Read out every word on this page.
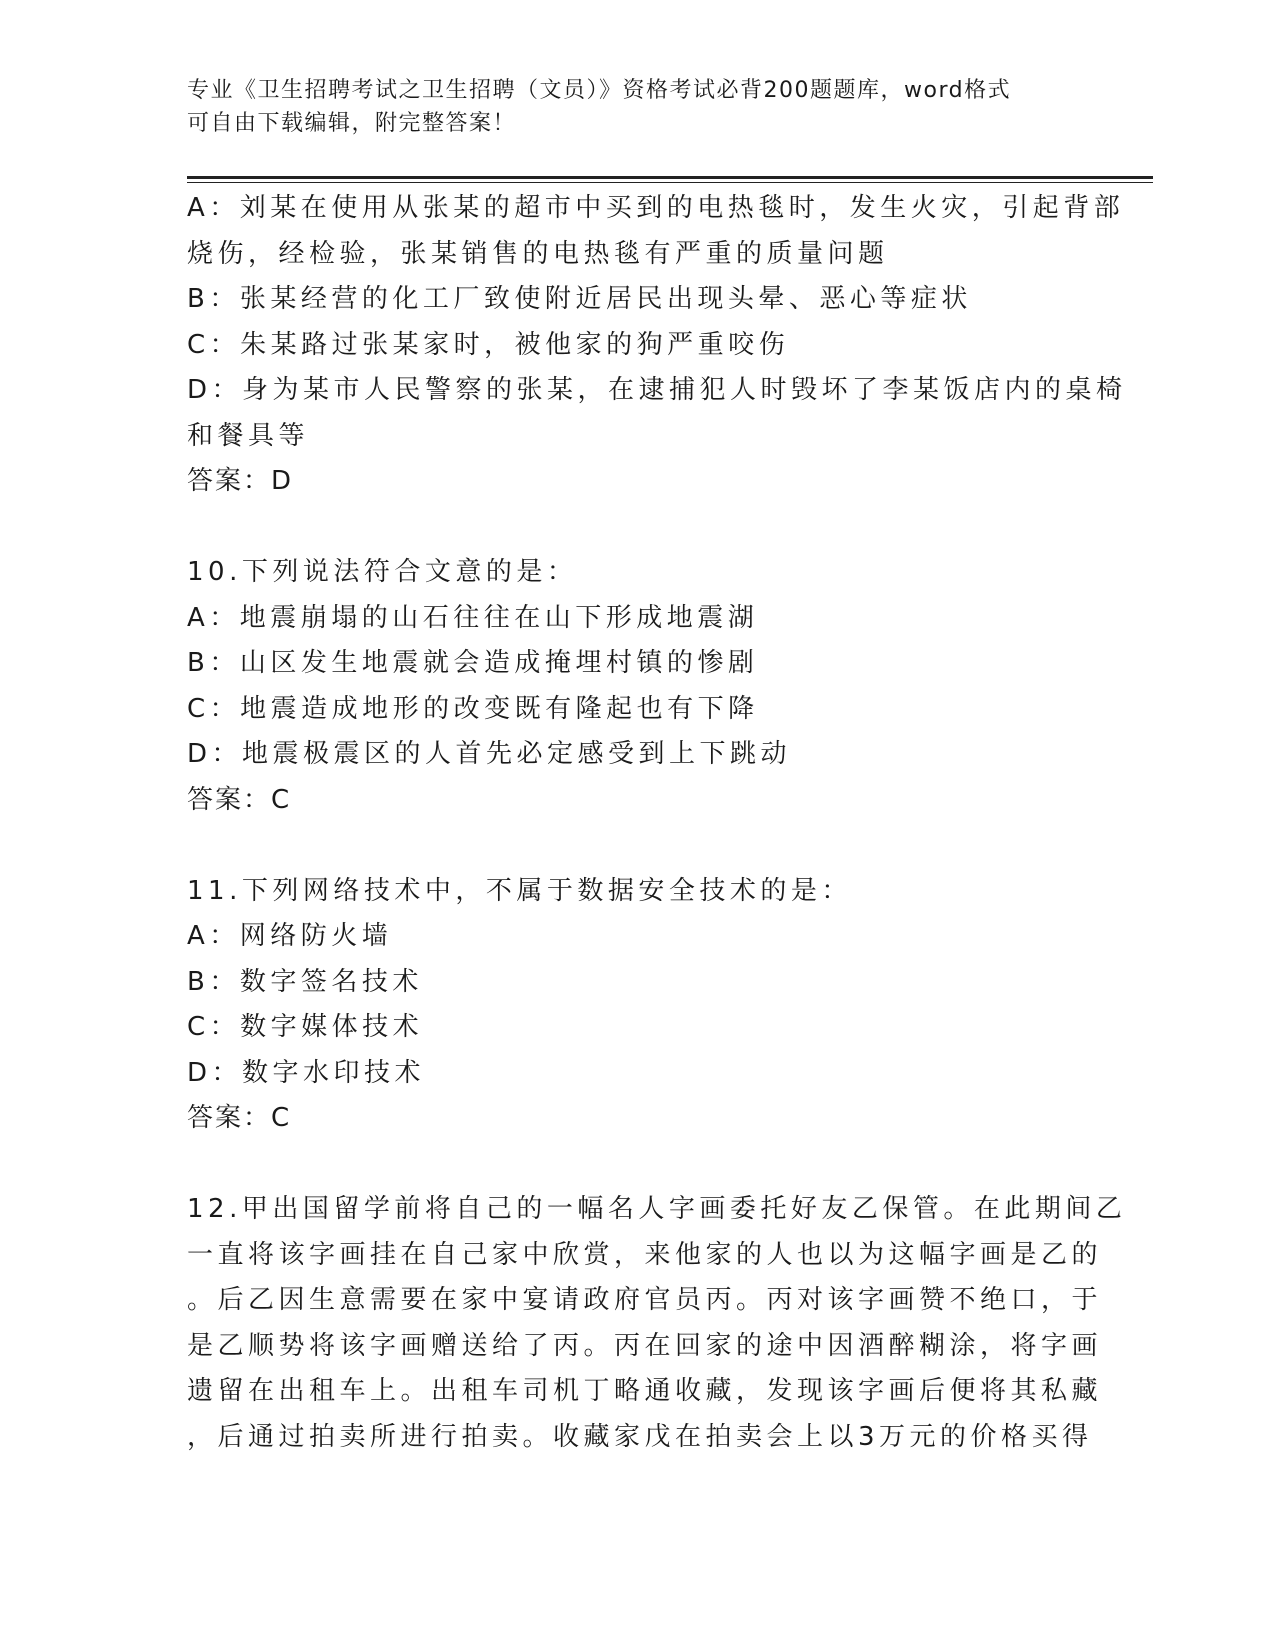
专业《卫生招聘考试之卫生招聘（文员）》资格考试必背200题题库，word格式
可自由下载编辑，附完整答案！
A：刘某在使用从张某的超市中买到的电热毯时，发生火灾，引起背部
烧伤，经检验，张某销售的电热毯有严重的质量问题
B：张某经营的化工厂致使附近居民出现头晕、恶心等症状
C：朱某路过张某家时，被他家的狗严重咬伤
D：身为某市人民警察的张某，在逮捕犯人时毁坏了李某饭店内的桌椅
和餐具等
答案：D
10.下列说法符合文意的是：
A：地震崩塌的山石往往在山下形成地震湖
B：山区发生地震就会造成掩埋村镇的惨剧
C：地震造成地形的改变既有隆起也有下降
D：地震极震区的人首先必定感受到上下跳动
答案：C
11.下列网络技术中，不属于数据安全技术的是：
A：网络防火墙
B：数字签名技术
C：数字媒体技术
D：数字水印技术
答案：C
12.甲出国留学前将自己的一幅名人字画委托好友乙保管。在此期间乙
一直将该字画挂在自己家中欣赏，来他家的人也以为这幅字画是乙的
。后乙因生意需要在家中宴请政府官员丙。丙对该字画赞不绝口，于
是乙顺势将该字画赠送给了丙。丙在回家的途中因酒醉糊涂，将字画
遗留在出租车上。出租车司机丁略通收藏，发现该字画后便将其私藏
，后通过拍卖所进行拍卖。收藏家戊在拍卖会上以3万元的价格买得
